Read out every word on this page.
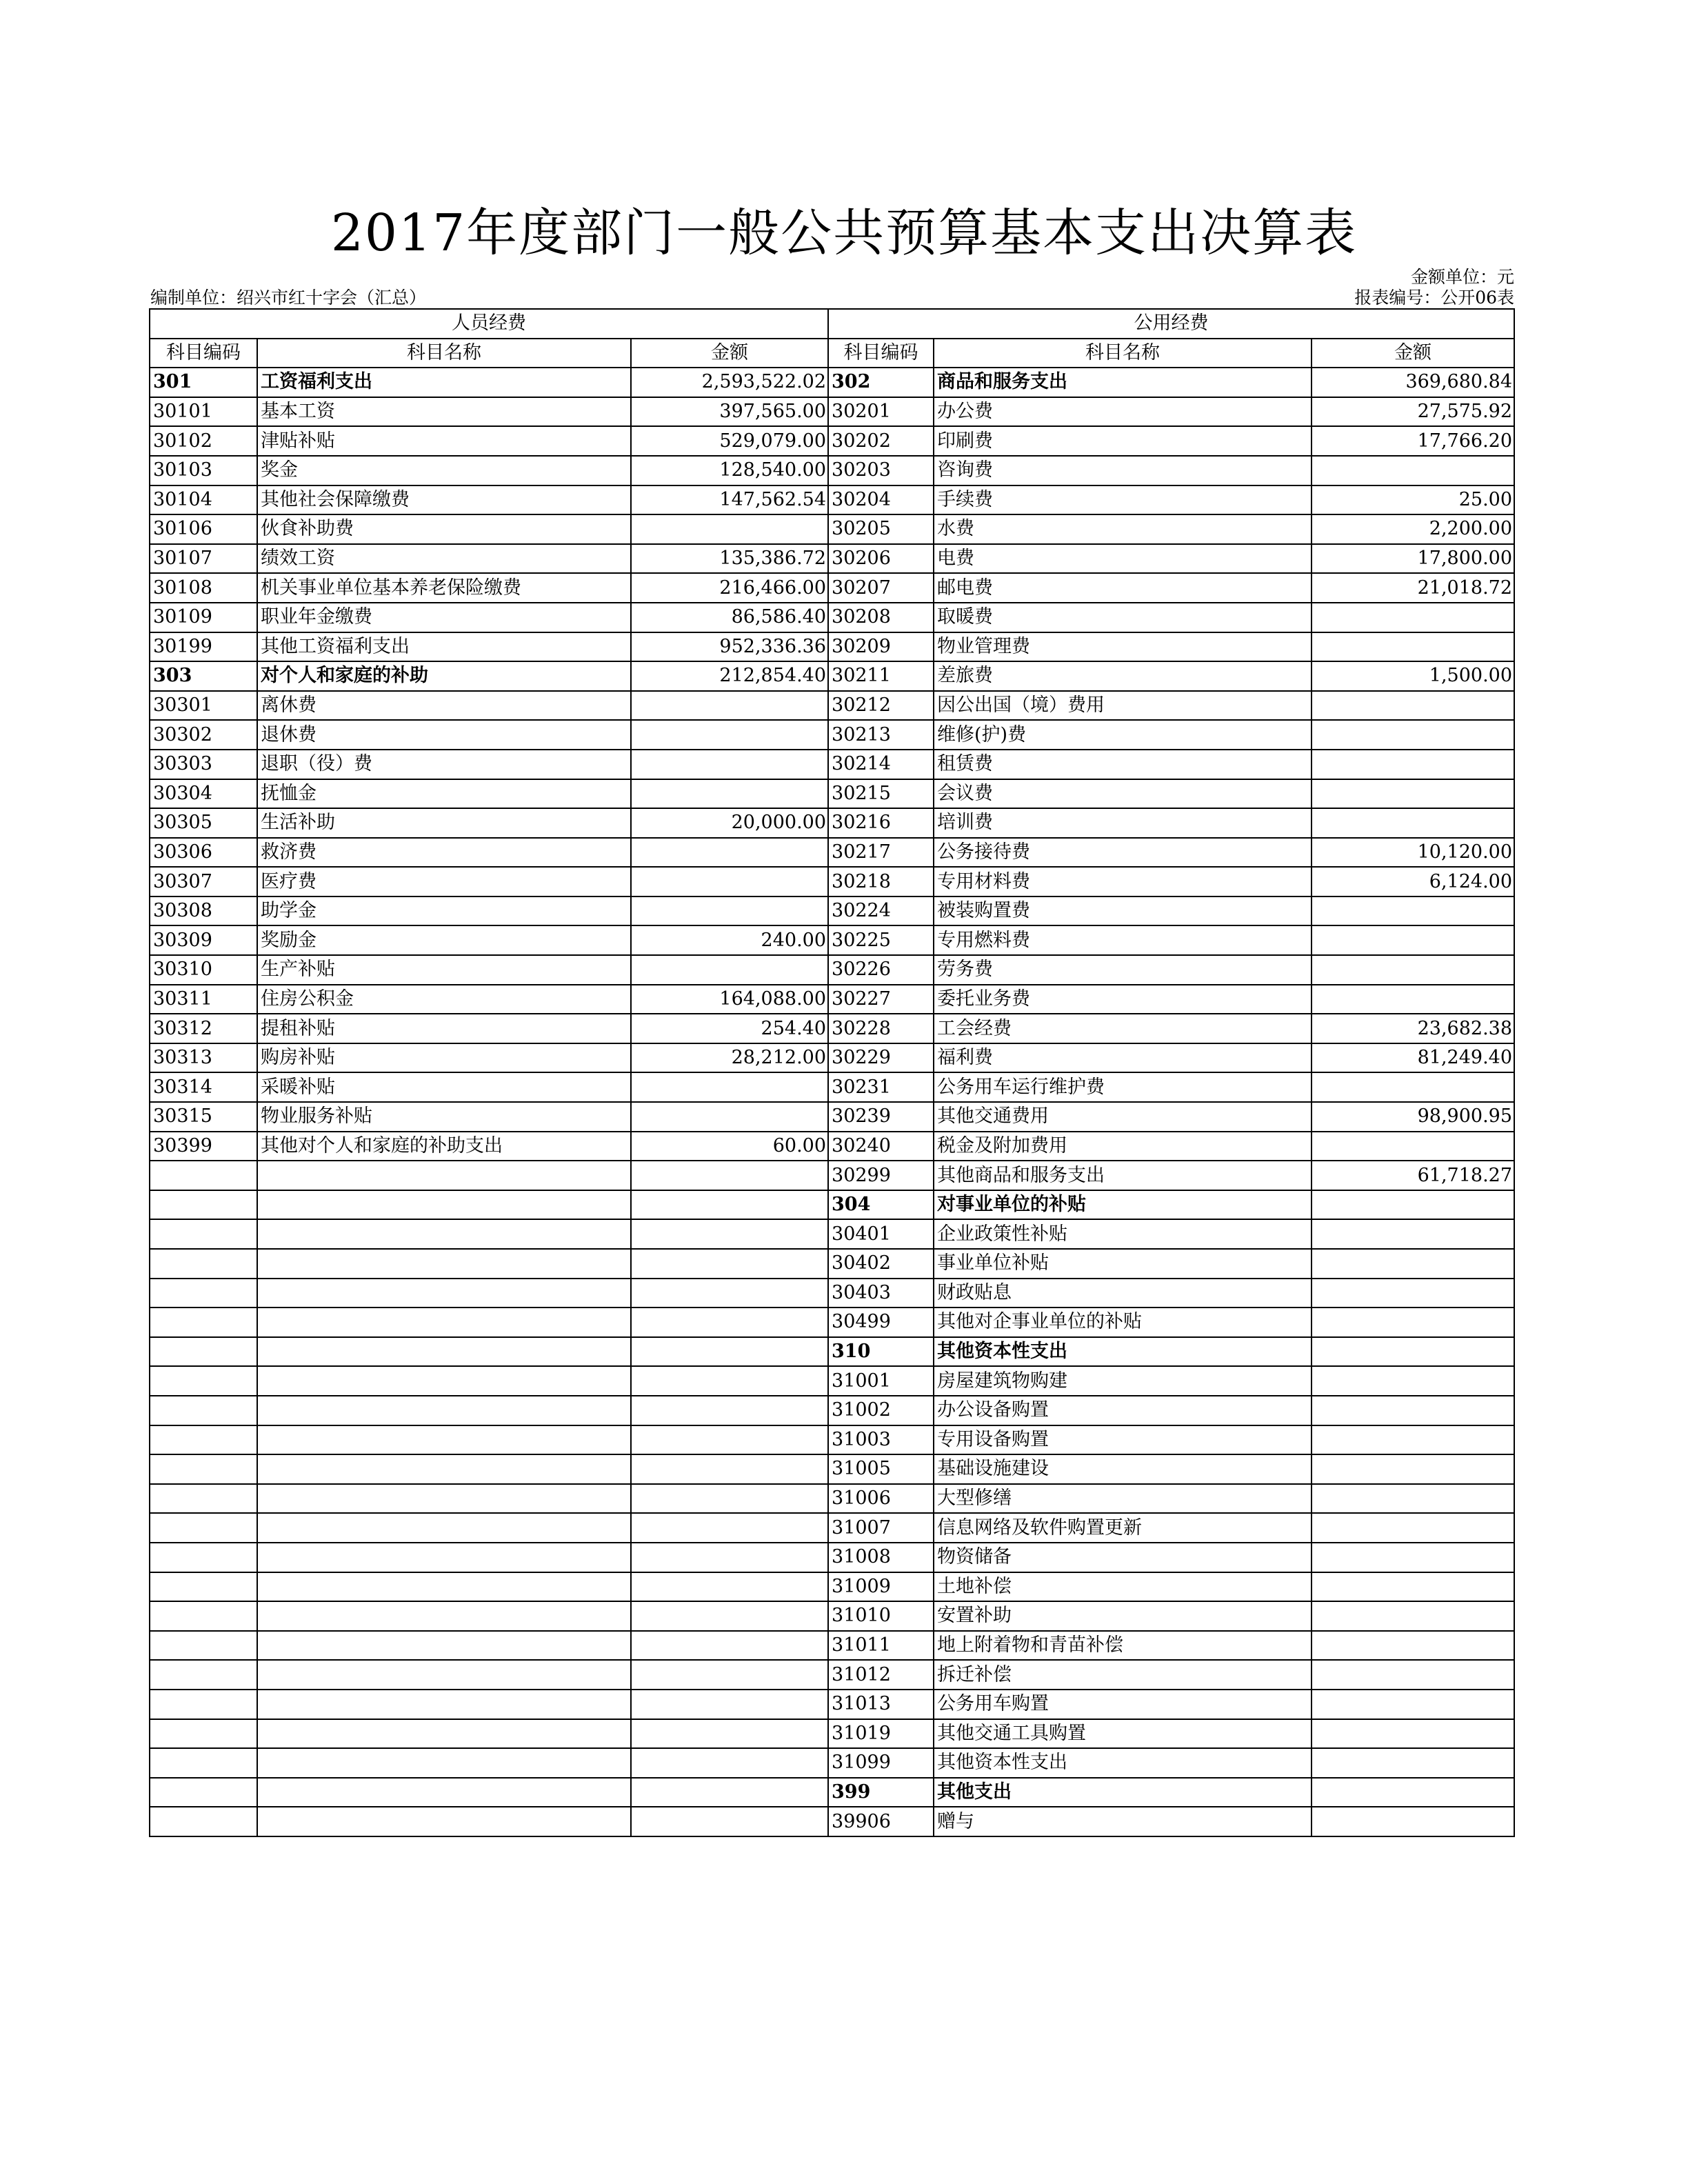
2017年度部门一般公共预算基本支出决算表
金额单位：元
编制单位：绍兴市红十字会（汇总）	报表编号：公开06表
人员经费			公用经费		
科目编码	科目名称	金额	科目编码	科目名称	金额
301	工资福利支出	2,593,522.02	302	商品和服务支出	369,680.84
30101	基本工资	397,565.00	30201	办公费	27,575.92
30102	津贴补贴	529,079.00	30202	印刷费	17,766.20
30103	奖金	128,540.00	30203	咨询费	
30104	其他社会保障缴费	147,562.54	30204	手续费	25.00
30106	伙食补助费		30205	水费	2,200.00
30107	绩效工资	135,386.72	30206	电费	17,800.00
30108	机关事业单位基本养老保险缴费	216,466.00	30207	邮电费	21,018.72
30109	职业年金缴费	86,586.40	30208	取暖费	
30199	其他工资福利支出	952,336.36	30209	物业管理费	
303	对个人和家庭的补助	212,854.40	30211	差旅费	1,500.00
30301	离休费		30212	因公出国（境）费用	
30302	退休费		30213	维修(护)费	
30303	退职（役）费		30214	租赁费	
30304	抚恤金		30215	会议费	
30305	生活补助	20,000.00	30216	培训费	
30306	救济费		30217	公务接待费	10,120.00
30307	医疗费		30218	专用材料费	6,124.00
30308	助学金		30224	被装购置费	
30309	奖励金	240.00	30225	专用燃料费	
30310	生产补贴		30226	劳务费	
30311	住房公积金	164,088.00	30227	委托业务费	
30312	提租补贴	254.40	30228	工会经费	23,682.38
30313	购房补贴	28,212.00	30229	福利费	81,249.40
30314	采暖补贴		30231	公务用车运行维护费	
30315	物业服务补贴		30239	其他交通费用	98,900.95
30399	其他对个人和家庭的补助支出	60.00	30240	税金及附加费用	
			30299	其他商品和服务支出	61,718.27
			304	对事业单位的补贴	
			30401	企业政策性补贴	
			30402	事业单位补贴	
			30403	财政贴息	
			30499	其他对企事业单位的补贴	
			310	其他资本性支出	
			31001	房屋建筑物购建	
			31002	办公设备购置	
			31003	专用设备购置	
			31005	基础设施建设	
			31006	大型修缮	
			31007	信息网络及软件购置更新	
			31008	物资储备	
			31009	土地补偿	
			31010	安置补助	
			31011	地上附着物和青苗补偿	
			31012	拆迁补偿	
			31013	公务用车购置	
			31019	其他交通工具购置	
			31099	其他资本性支出	
			399	其他支出	
			39906	赠与	
